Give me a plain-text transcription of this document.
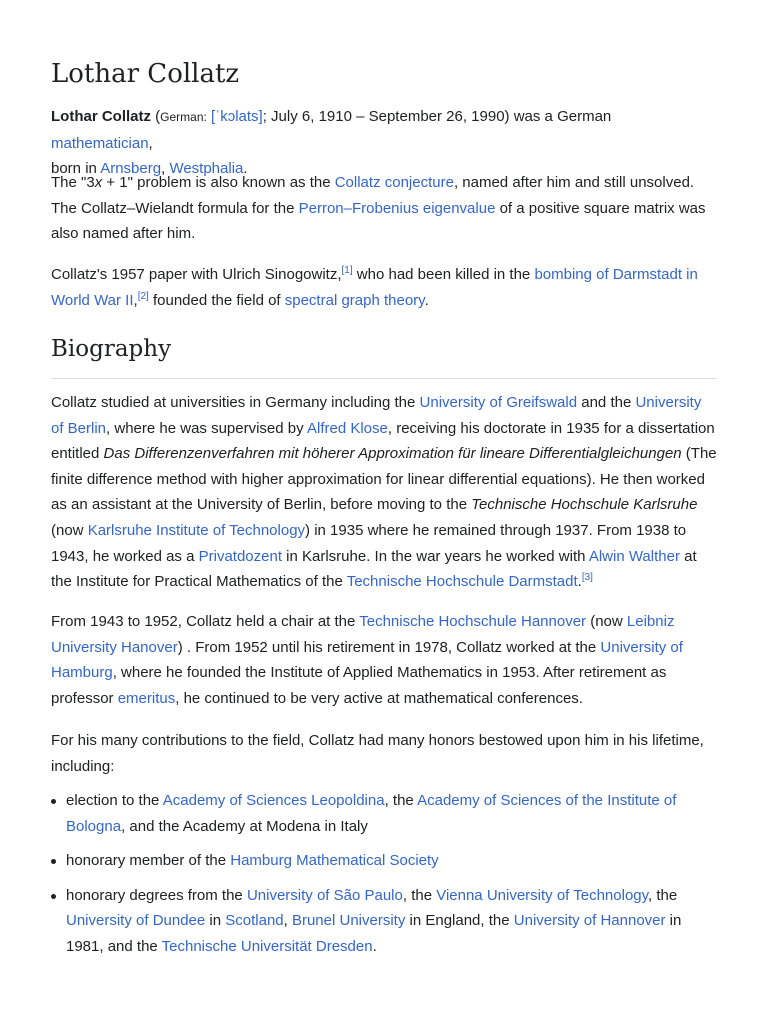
Lothar Collatz

Lothar Collatz (German: [ˈkɔlats]; July 6, 1910 – September 26, 1990) was a German mathematician,
born in Arnsberg, Westphalia.

The "3x + 1" problem is also known as the Collatz conjecture, named after him and still unsolved. The Collatz–Wielandt formula for the Perron–Frobenius eigenvalue of a positive square matrix was also named after him.

Collatz's 1957 paper with Ulrich Sinogowitz,[1] who had been killed in the bombing of Darmstadt in World War II,[2] founded the field of spectral graph theory.

Biography

Collatz studied at universities in Germany including the University of Greifswald and the University of Berlin, where he was supervised by Alfred Klose, receiving his doctorate in 1935 for a dissertation entitled Das Differenzenverfahren mit höherer Approximation für lineare Differentialgleichungen (The finite difference method with higher approximation for linear differential equations). He then worked as an assistant at the University of Berlin, before moving to the Technische Hochschule Karlsruhe (now Karlsruhe Institute of Technology) in 1935 where he remained through 1937. From 1938 to 1943, he worked as a Privatdozent in Karlsruhe. In the war years he worked with Alwin Walther at the Institute for Practical Mathematics of the Technische Hochschule Darmstadt.[3]

From 1943 to 1952, Collatz held a chair at the Technische Hochschule Hannover (now Leibniz University Hanover) . From 1952 until his retirement in 1978, Collatz worked at the University of Hamburg, where he founded the Institute of Applied Mathematics in 1953. After retirement as professor emeritus, he continued to be very active at mathematical conferences.

For his many contributions to the field, Collatz had many honors bestowed upon him in his lifetime, including:

election to the Academy of Sciences Leopoldina, the Academy of Sciences of the Institute of Bologna, and the Academy at Modena in Italy
honorary member of the Hamburg Mathematical Society
honorary degrees from the University of São Paulo, the Vienna University of Technology, the University of Dundee in Scotland, Brunel University in England, the University of Hannover in 1981, and the Technische Universität Dresden.
